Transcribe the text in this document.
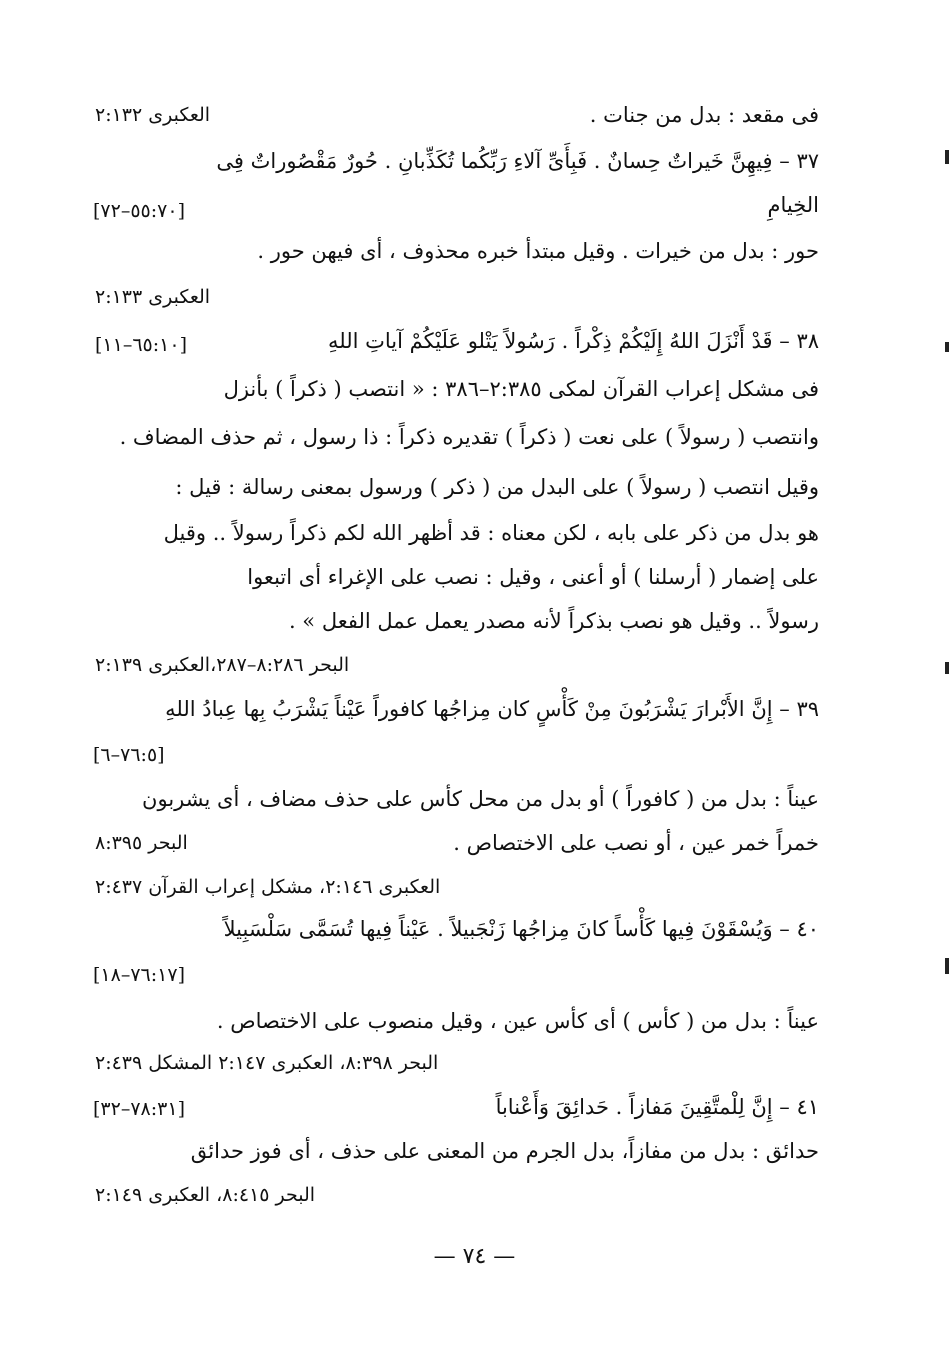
فى مقعد : بدل من جنات .
العكبرى ٢:١٣٢
٣٧ – فِيهِنَّ خَيراتٌ حِسانٌ . فَبِأَىِّ آلاءِ رَبِّكُما تُكَذِّبانِ . حُورٌ مَقْصُوراتٌ فِى
الخِيامِ
[٥٥:٧٠–٧٢]
حور : بدل من خيرات . وقيل مبتدأ خبره محذوف ، أى فيهن حور .
العكبرى ٢:١٣٣
٣٨ – قَدْ أَنْزَلَ اللهُ إِلَيْكُمْ ذِكْراً . رَسُولاً يَتْلو عَلَيْكُمْ آياتِ اللهِ
[٦٥:١٠–١١]
فى مشكل إعراب القرآن لمكى ٢:٣٨٥–٣٨٦ : « انتصب ( ذكراً ) بأنزل
وانتصب ( رسولاً ) على نعت ( ذكراً ) تقديره ذكراً : ذا رسول ، ثم حذف المضاف .
وقيل انتصب ( رسولاً ) على البدل من ( ذكر ) ورسول بمعنى رسالة : قيل :
هو بدل من ذكر على بابه ، لكن معناه : قد أظهر الله لكم ذكراً رسولاً .. وقيل
على إضمار ( أرسلنا ) أو أعنى ، وقيل : نصب على الإغراء أى اتبعوا
رسولاً .. وقيل هو نصب بذكراً لأنه مصدر يعمل عمل الفعل » .
البحر ٨:٢٨٦–٢٨٧،العكبرى ٢:١٣٩
٣٩ – إِنَّ الأَبْرارَ يَشْرَبُونَ مِنْ كَأْسٍ كان مِزاجُها كافوراً عَيْناً يَشْرَبُ بِها عِبادُ اللهِ
[٧٦:٥–٦]
عيناً : بدل من ( كافوراً ) أو بدل من محل كأس على حذف مضاف ، أى يشربون
خمراً خمر عين ، أو نصب على الاختصاص .
البحر ٨:٣٩٥
العكبرى ٢:١٤٦، مشكل إعراب القرآن ٢:٤٣٧
٤٠ – وَيُسْقَوْنَ فِيها كَأْساً كانَ مِزاجُها زَنْجَبيلاً . عَيْناً فِيها تُسَمَّى سَلْسَبِيلاً
[٧٦:١٧–١٨]
عيناً : بدل من ( كأس ) أى كأس عين ، وقيل منصوب على الاختصاص .
البحر ٨:٣٩٨، العكبرى ٢:١٤٧ المشكل ٢:٤٣٩
٤١ – إِنَّ لِلْمتَّقِينَ مَفازاً . حَدائِقَ وَأَعْناباً
[٧٨:٣١–٣٢]
حدائق : بدل من مفازاً، بدل الجرم من المعنى على حذف ، أى فوز حدائق
البحر ٨:٤١٥، العكبرى ٢:١٤٩
— ٧٤ —
